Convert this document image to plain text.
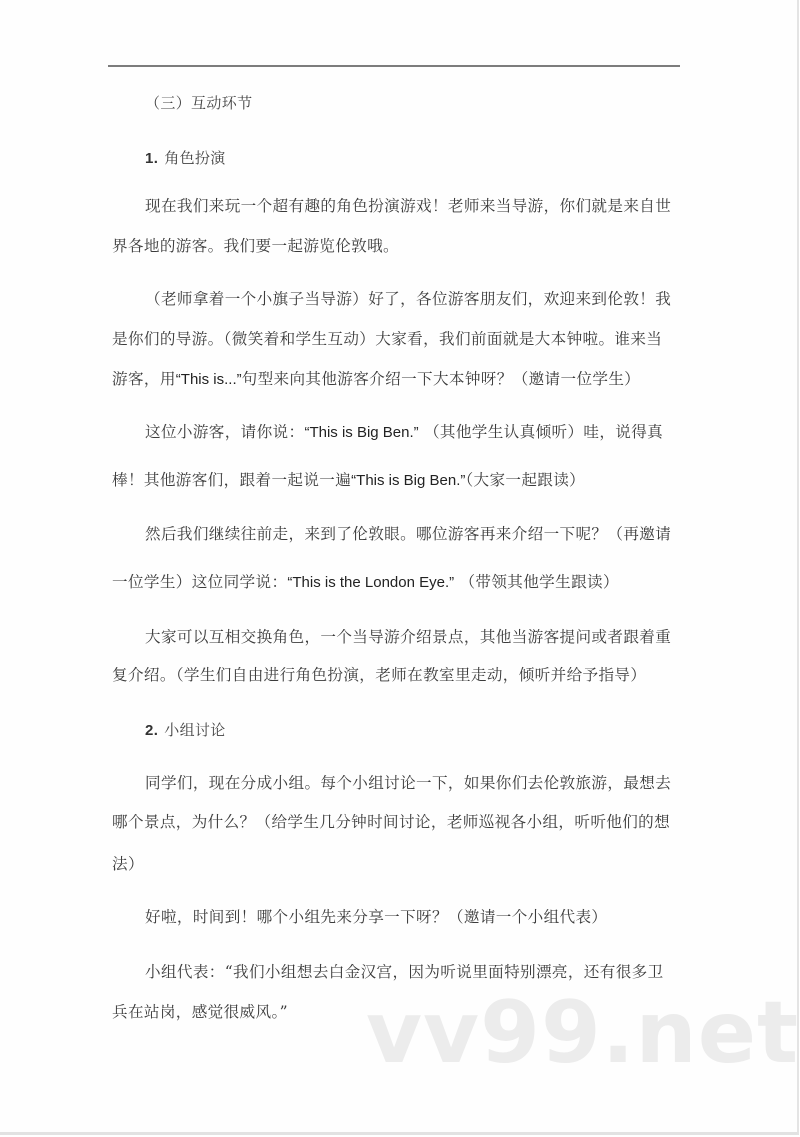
（三）互动环节
1. 角色扮演
现在我们来玩一个超有趣的角色扮演游戏！老师来当导游，你们就是来自世
界各地的游客。我们要一起游览伦敦哦。
（老师拿着一个小旗子当导游）好了，各位游客朋友们，欢迎来到伦敦！我
是你们的导游。（微笑着和学生互动）大家看，我们前面就是大本钟啦。谁来当
游客，用“This is...”句型来向其他游客介绍一下大本钟呀？（邀请一位学生）
这位小游客，请你说：“This is Big Ben.” （其他学生认真倾听）哇，说得真
棒！其他游客们，跟着一起说一遍“This is Big Ben.”（大家一起跟读）
然后我们继续往前走，来到了伦敦眼。哪位游客再来介绍一下呢？（再邀请
一位学生）这位同学说：“This is the London Eye.” （带领其他学生跟读）
大家可以互相交换角色，一个当导游介绍景点，其他当游客提问或者跟着重
复介绍。（学生们自由进行角色扮演，老师在教室里走动，倾听并给予指导）
2. 小组讨论
同学们，现在分成小组。每个小组讨论一下，如果你们去伦敦旅游，最想去
哪个景点，为什么？（给学生几分钟时间讨论，老师巡视各小组，听听他们的想
法）
好啦，时间到！哪个小组先来分享一下呀？（邀请一个小组代表）
小组代表：“我们小组想去白金汉宫，因为听说里面特别漂亮，还有很多卫
兵在站岗，感觉很威风。” vv99.net
